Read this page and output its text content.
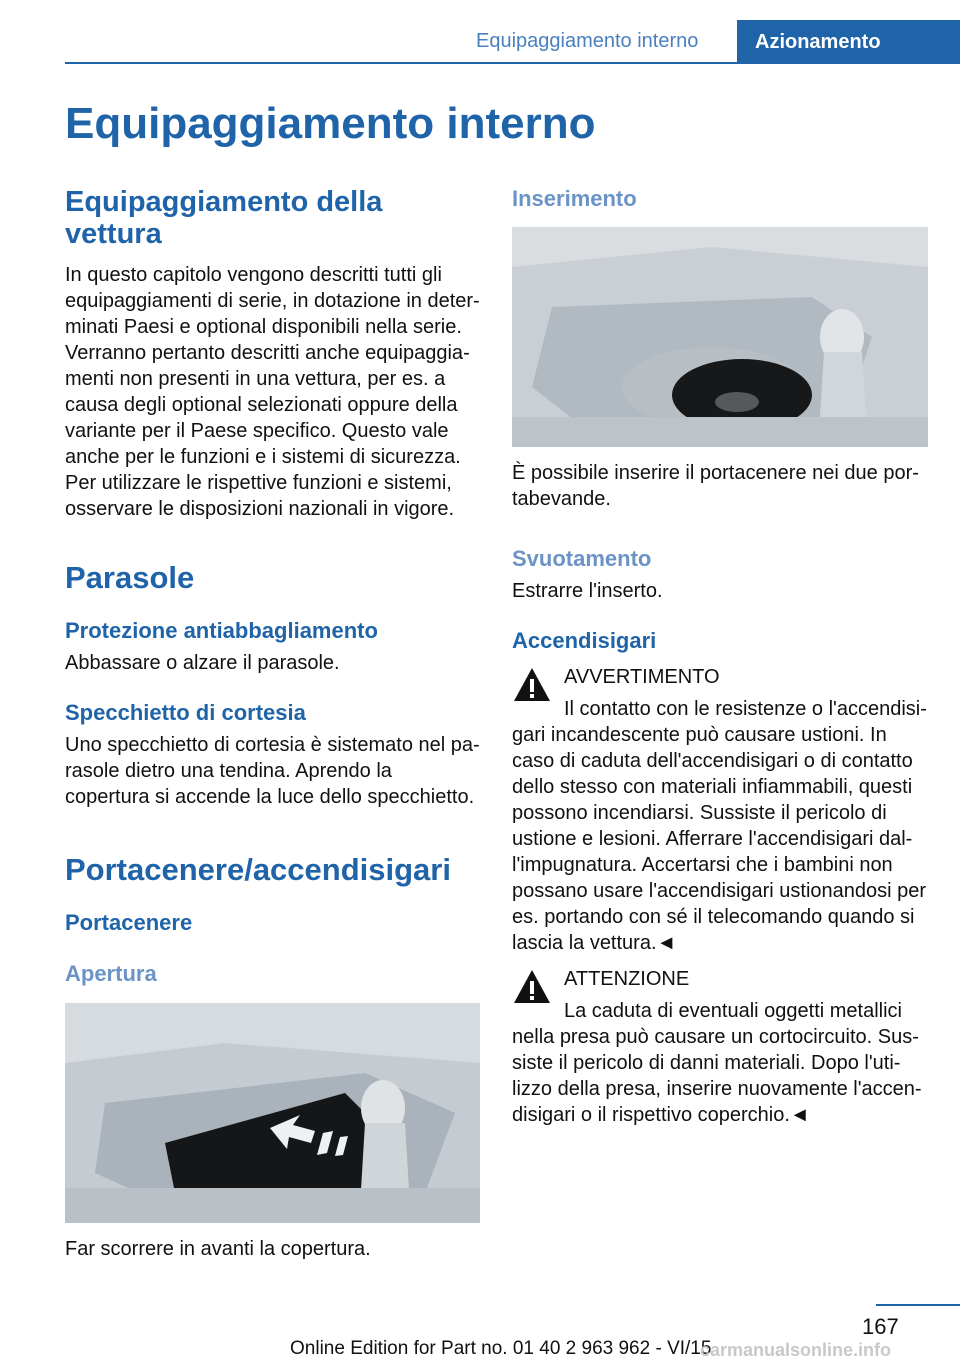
Equipaggiamento interno	Azionamento
Equipaggiamento interno
Equipaggiamento della vettura
In questo capitolo vengono descritti tutti gli equipaggiamenti di serie, in dotazione in determinati Paesi e optional disponibili nella serie. Verranno pertanto descritti anche equipaggiamenti non presenti in una vettura, per es. a causa degli optional selezionati oppure della variante per il Paese specifico. Questo vale anche per le funzioni e i sistemi di sicurezza. Per utilizzare le rispettive funzioni e sistemi, osservare le disposizioni nazionali in vigore.
Parasole
Protezione antiabbagliamento
Abbassare o alzare il parasole.
Specchietto di cortesia
Uno specchietto di cortesia è sistemato nel parasole dietro una tendina. Aprendo la copertura si accende la luce dello specchietto.
Portacenere/accendisigari
Portacenere
Apertura
Far scorrere in avanti la copertura.
Inserimento
È possibile inserire il portacenere nei due portabevande.
Svuotamento
Estrarre l'inserto.
Accendisigari
AVVERTIMENTO
Il contatto con le resistenze o l'accendisigari incandescente può causare ustioni. In caso di caduta dell'accendisigari o di contatto dello stesso con materiali infiammabili, questi possono incendiarsi. Sussiste il pericolo di ustione e lesioni. Afferrare l'accendisigari dall'impugnatura. Accertarsi che i bambini non possano usare l'accendisigari ustionandosi per es. portando con sé il telecomando quando si lascia la vettura.◄
ATTENZIONE
La caduta di eventuali oggetti metallici nella presa può causare un cortocircuito. Sussiste il pericolo di danni materiali. Dopo l'utilizzo della presa, inserire nuovamente l'accendisigari o il rispettivo coperchio.◄
167
Online Edition for Part no. 01 40 2 963 962 - VI/15
carmanualsonline.info
